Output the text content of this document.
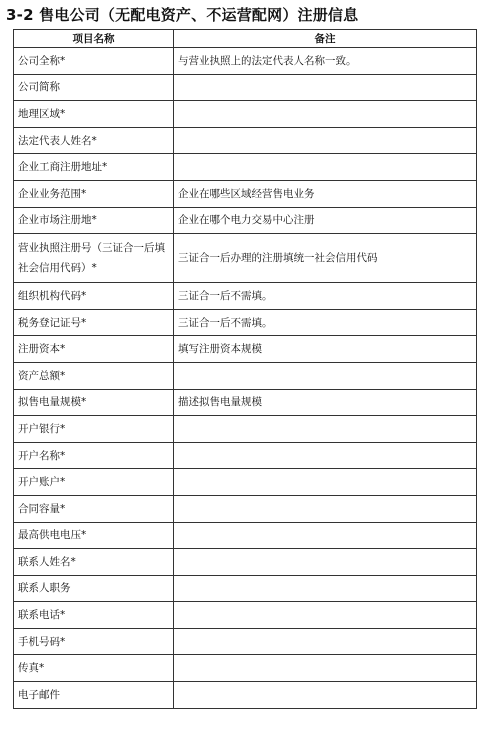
3-2 售电公司（无配电资产、不运营配网）注册信息
项目名称	备注
公司全称*	与营业执照上的法定代表人名称一致。
公司简称	
地理区域*	
法定代表人姓名*	
企业工商注册地址*	
企业业务范围*	企业在哪些区域经营售电业务
企业市场注册地*	企业在哪个电力交易中心注册
营业执照注册号（三证合一后填社会信用代码）*	三证合一后办理的注册填统一社会信用代码
组织机构代码*	三证合一后不需填。
税务登记证号*	三证合一后不需填。
注册资本*	填写注册资本规模
资产总额*	
拟售电量规模*	描述拟售电量规模
开户银行*	
开户名称*	
开户账户*	
合同容量*	
最高供电电压*	
联系人姓名*	
联系人职务	
联系电话*	
手机号码*	
传真*	
电子邮件	
